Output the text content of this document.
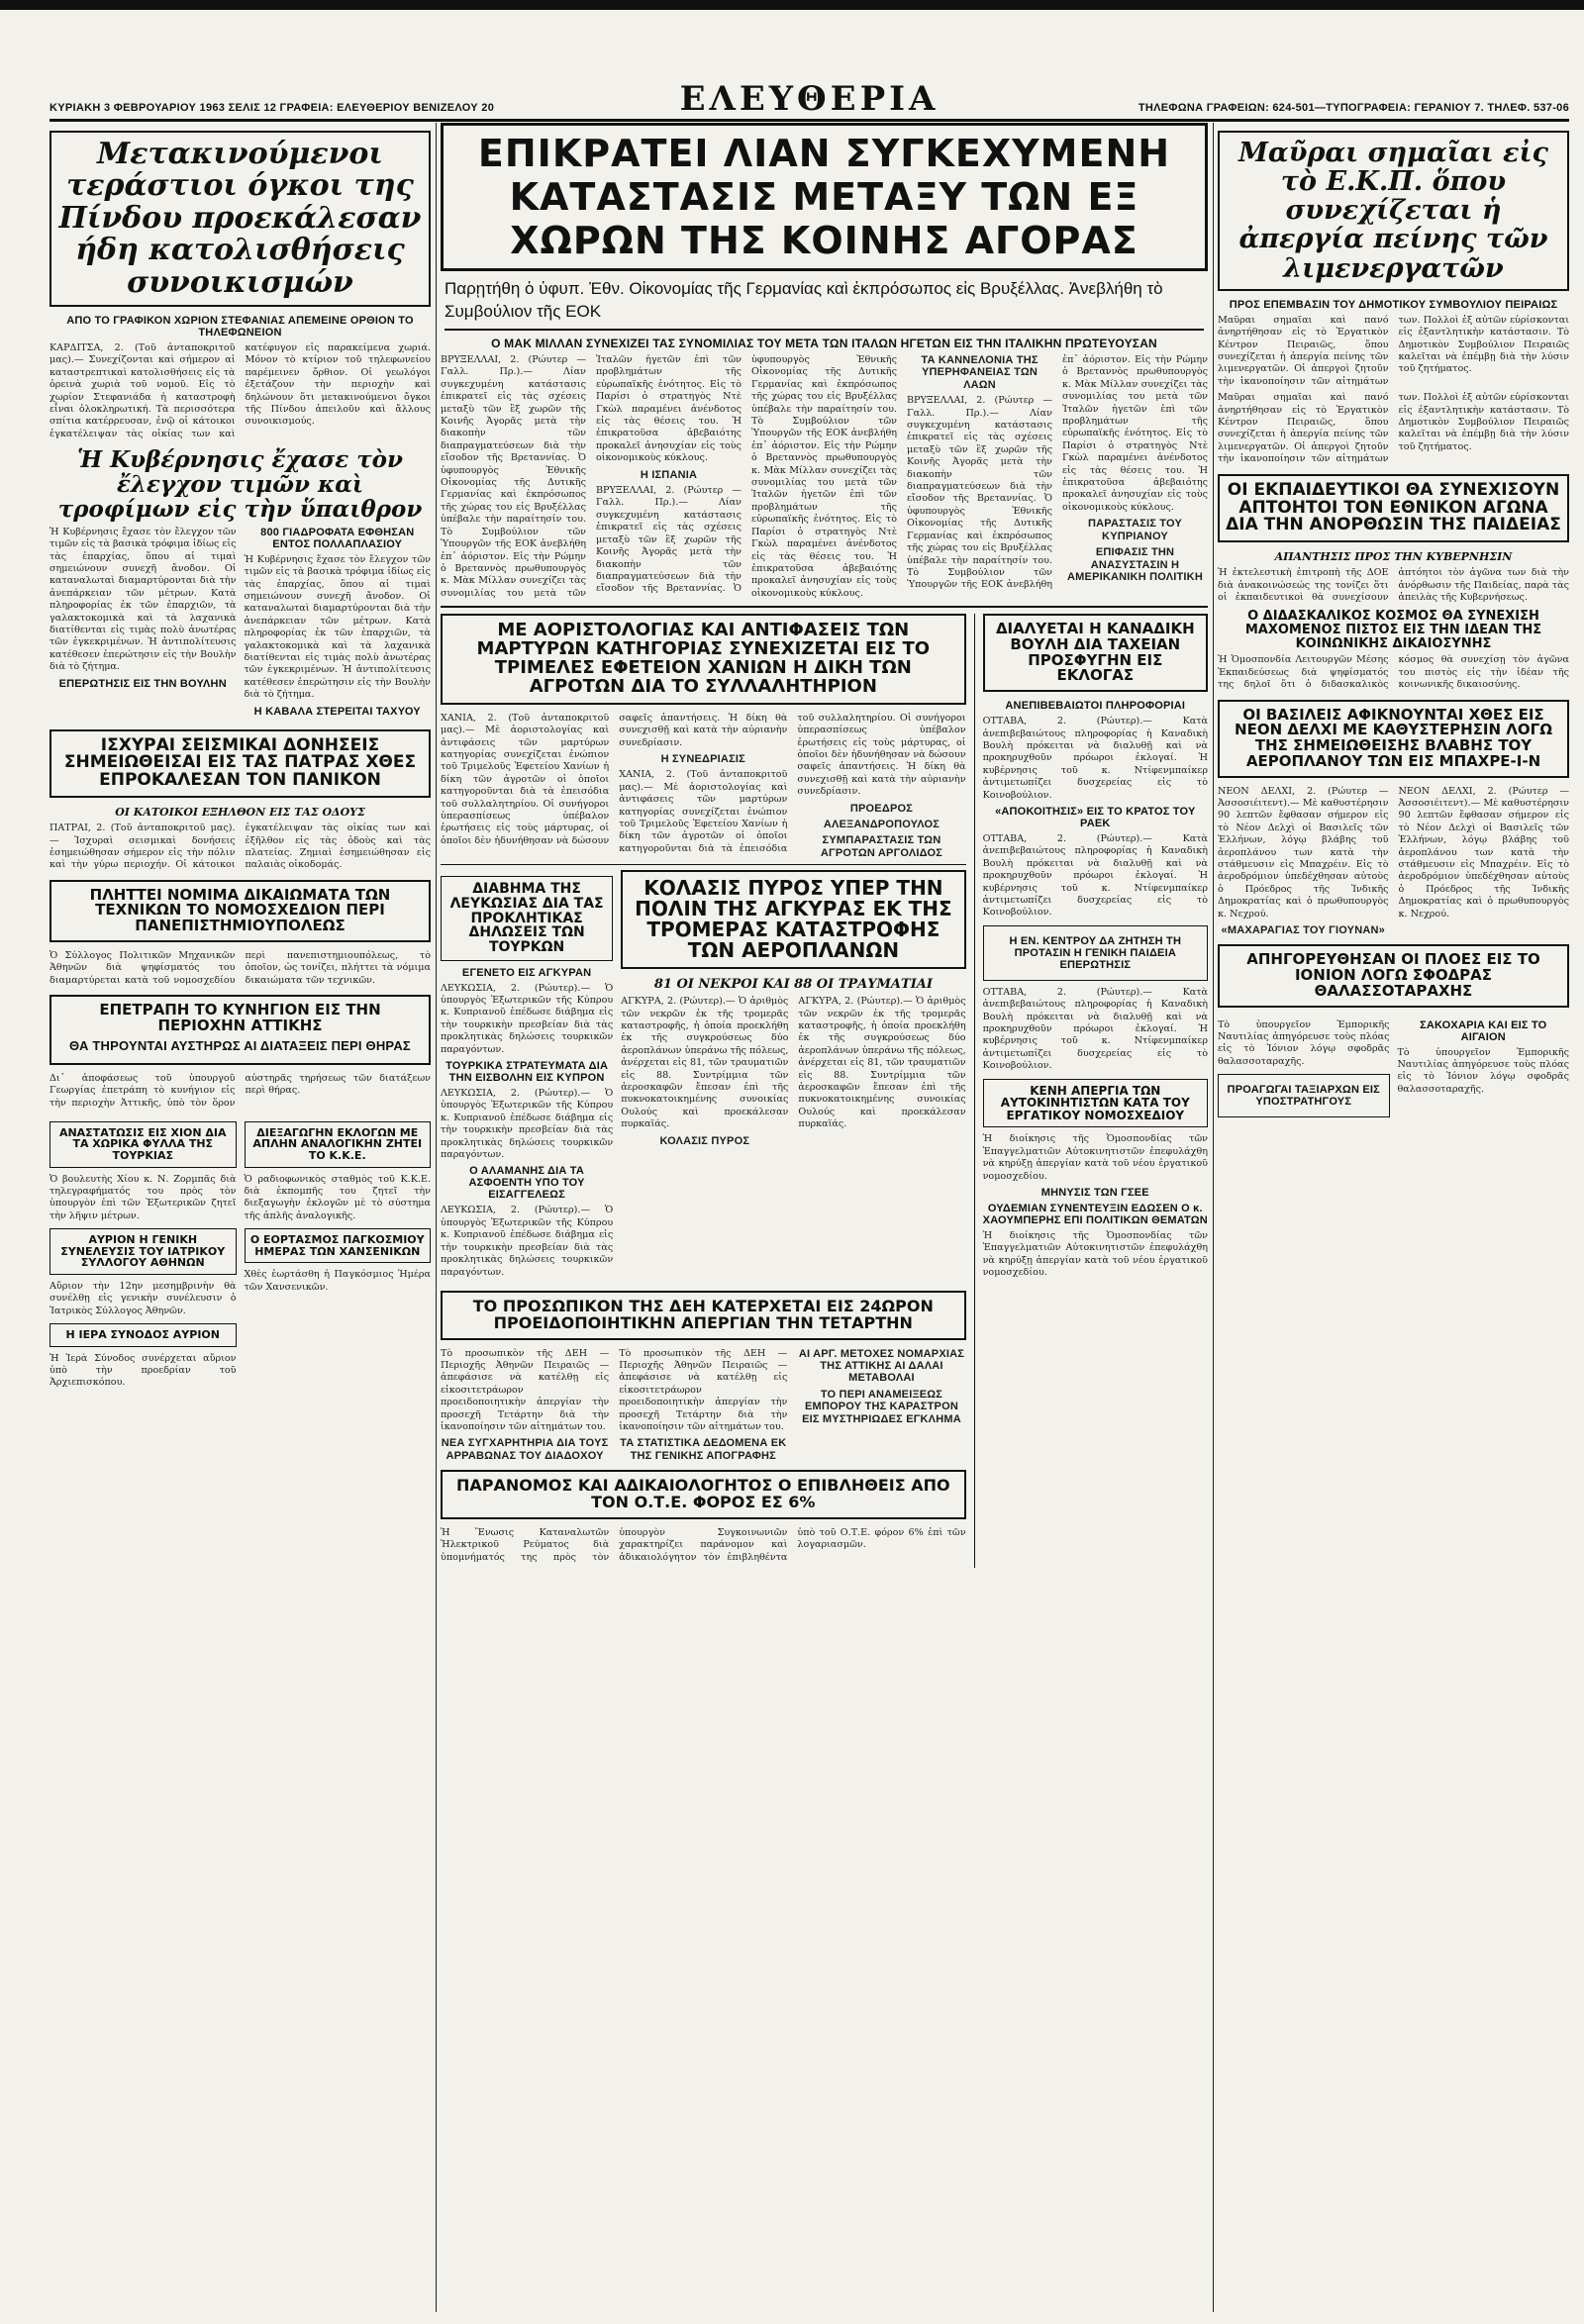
ΚΥΡΙΑΚΗ 3 ΦΕΒΡΟΥΑΡΙΟΥ 1963 ΣΕΛΙΣ 12 ΓΡΑΦΕΙΑ: ΕΛΕΥΘΕΡΙΟΥ ΒΕΝΙΖΕΛΟΥ 20	ΕΛΕΥΘΕΡΙΑ	ΤΗΛΕΦΩΝΑ ΓΡΑΦΕΙΩΝ: 624-501—ΤΥΠΟΓΡΑΦΕΙΑ: ΓΕΡΑΝΙΟΥ 7. ΤΗΛΕΦ. 537-06
Μετακινούμενοι τεράστιοι όγκοι της Πίνδου προεκάλεσαν ήδη κατολισθήσεις συνοικισμών
ΑΠΟ ΤΟ ΓΡΑΦΙΚΟΝ ΧΩΡΙΟΝ ΣΤΕΦΑΝΙΑΣ ΑΠΕΜΕΙΝΕ ΟΡΘΙΟΝ ΤΟ ΤΗΛΕΦΩΝΕΙΟΝ
ΚΑΡΔΙΤΣΑ, 2. (Τοῦ ἀνταποκριτοῦ μας).— Συνεχίζονται καὶ σήμερον αἱ καταστρεπτικαὶ κατολισθήσεις εἰς τὰ ὀρεινὰ χωριὰ τοῦ νομοῦ. Εἰς τὸ χωρίον Στεφανιάδα ἡ καταστροφὴ εἶναι ὁλοκληρωτική. Τὰ περισσότερα σπίτια κατέρρευσαν, ἐνῷ οἱ κάτοικοι ἐγκατέλειψαν τὰς οἰκίας των καὶ κατέφυγον εἰς παρακείμενα χωριά. Μόνον τὸ κτίριον τοῦ τηλεφωνείου παρέμεινεν ὄρθιον. Οἱ γεωλόγοι ἐξετάζουν τὴν περιοχὴν καὶ δηλώνουν ὅτι μετακινούμενοι ὄγκοι τῆς Πίνδου ἀπειλοῦν καὶ ἄλλους συνοικισμούς.
Ἡ Κυβέρνησις ἔχασε τὸν ἔλεγχον τιμῶν καὶ τροφίμων εἰς τὴν ὕπαιθρον
Ἡ Κυβέρνησις ἔχασε τὸν ἔλεγχον τῶν τιμῶν εἰς τὰ βασικὰ τρόφιμα ἰδίως εἰς τὰς ἐπαρχίας, ὅπου αἱ τιμαὶ σημειώνουν συνεχῆ ἄνοδον. Οἱ καταναλωταὶ διαμαρτύρονται διὰ τὴν ἀνεπάρκειαν τῶν μέτρων. Κατὰ πληροφορίας ἐκ τῶν ἐπαρχιῶν, τὰ γαλακτοκομικὰ καὶ τὰ λαχανικὰ διατίθενται εἰς τιμὰς πολὺ ἀνωτέρας τῶν ἐγκεκριμένων. Ἡ ἀντιπολίτευσις κατέθεσεν ἐπερώτησιν εἰς τὴν Βουλὴν διὰ τὸ ζήτημα.
ΕΠΕΡΩΤΗΣΙΣ ΕΙΣ ΤΗΝ ΒΟΥΛΗΝ
800 ΓΙΑΔΡΟΦΑΤΑ ΕΦΘΗΣΑΝ ΕΝΤΟΣ ΠΟΛΛΑΠΛΑΣΙΟΥ
Ἡ Κυβέρνησις ἔχασε τὸν ἔλεγχον τῶν τιμῶν εἰς τὰ βασικὰ τρόφιμα ἰδίως εἰς τὰς ἐπαρχίας, ὅπου αἱ τιμαὶ σημειώνουν συνεχῆ ἄνοδον. Οἱ καταναλωταὶ διαμαρτύρονται διὰ τὴν ἀνεπάρκειαν τῶν μέτρων. Κατὰ πληροφορίας ἐκ τῶν ἐπαρχιῶν, τὰ γαλακτοκομικὰ καὶ τὰ λαχανικὰ διατίθενται εἰς τιμὰς πολὺ ἀνωτέρας τῶν ἐγκεκριμένων. Ἡ ἀντιπολίτευσις κατέθεσεν ἐπερώτησιν εἰς τὴν Βουλὴν διὰ τὸ ζήτημα.
Η ΚΑΒΑΛΑ ΣΤΕΡΕΙΤΑΙ ΤΑΧΥΟΥ
ΙΣΧΥΡΑΙ ΣΕΙΣΜΙΚΑΙ ΔΟΝΗΣΕΙΣ ΣΗΜΕΙΩΘΕΙΣΑΙ ΕΙΣ ΤΑΣ ΠΑΤΡΑΣ ΧΘΕΣ ΕΠΡΟΚΑΛΕΣΑΝ ΤΟΝ ΠΑΝΙΚΟΝ
ΟΙ ΚΑΤΟΙΚΟΙ ΕΞΗΛΘΟΝ ΕΙΣ ΤΑΣ ΟΔΟΥΣ
ΠΑΤΡΑΙ, 2. (Τοῦ ἀνταποκριτοῦ μας).— Ἰσχυραὶ σεισμικαὶ δονήσεις ἐσημειώθησαν σήμερον εἰς τὴν πόλιν καὶ τὴν γύρω περιοχήν. Οἱ κάτοικοι ἐγκατέλειψαν τὰς οἰκίας των καὶ ἐξῆλθον εἰς τὰς ὁδοὺς καὶ τὰς πλατείας. Ζημιαὶ ἐσημειώθησαν εἰς παλαιὰς οἰκοδομάς.
ΠΛΗΤΤΕΙ ΝΟΜΙΜΑ ΔΙΚΑΙΩΜΑΤΑ ΤΩΝ ΤΕΧΝΙΚΩΝ ΤΟ ΝΟΜΟΣΧΕΔΙΟΝ ΠΕΡΙ ΠΑΝΕΠΙΣΤΗΜΙΟΥΠΟΛΕΩΣ
Ὁ Σύλλογος Πολιτικῶν Μηχανικῶν Ἀθηνῶν διὰ ψηφίσματός του διαμαρτύρεται κατὰ τοῦ νομοσχεδίου περὶ πανεπιστημιουπόλεως, τὸ ὁποῖον, ὡς τονίζει, πλήττει τὰ νόμιμα δικαιώματα τῶν τεχνικῶν.
ΕΠΕΤΡΑΠΗ ΤΟ ΚΥΝΗΓΙΟΝ ΕΙΣ ΤΗΝ ΠΕΡΙΟΧΗΝ ΑΤΤΙΚΗΣ
ΘΑ ΤΗΡΟΥΝΤΑΙ ΑΥΣΤΗΡΩΣ ΑΙ ΔΙΑΤΑΞΕΙΣ ΠΕΡΙ ΘΗΡΑΣ
Δι᾿ ἀποφάσεως τοῦ ὑπουργοῦ Γεωργίας ἐπετράπη τὸ κυνήγιον εἰς τὴν περιοχὴν Ἀττικῆς, ὑπὸ τὸν ὅρον αὐστηρᾶς τηρήσεως τῶν διατάξεων περὶ θήρας.
ΑΝΑΣΤΑΤΩΣΙΣ ΕΙΣ ΧΙΟΝ ΔΙΑ ΤΑ ΧΩΡΙΚΑ ΦΥΛΛΑ ΤΗΣ ΤΟΥΡΚΙΑΣ
Ὁ βουλευτὴς Χίου κ. Ν. Ζορμπᾶς διὰ τηλεγραφήματός του πρὸς τὸν ὑπουργὸν ἐπὶ τῶν Ἐξωτερικῶν ζητεῖ τὴν λῆψιν μέτρων.
ΑΥΡΙΟΝ Η ΓΕΝΙΚΗ ΣΥΝΕΛΕΥΣΙΣ ΤΟΥ ΙΑΤΡΙΚΟΥ ΣΥΛΛΟΓΟΥ ΑΘΗΝΩΝ
Αὔριον τὴν 12ην μεσημβρινὴν θὰ συνέλθῃ εἰς γενικὴν συνέλευσιν ὁ Ἰατρικὸς Σύλλογος Ἀθηνῶν.
Η ΙΕΡΑ ΣΥΝΟΔΟΣ ΑΥΡΙΟΝ
Ἡ Ἱερὰ Σύνοδος συνέρχεται αὔριον ὑπὸ τὴν προεδρίαν τοῦ Ἀρχιεπισκόπου.
ΔΙΕΞΑΓΩΓΗΝ ΕΚΛΟΓΩΝ ΜΕ ΑΠΛΗΝ ΑΝΑΛΟΓΙΚΗΝ ΖΗΤΕΙ ΤΟ Κ.Κ.Ε.
Ὁ ραδιοφωνικὸς σταθμὸς τοῦ Κ.Κ.Ε. διὰ ἐκπομπῆς του ζητεῖ τὴν διεξαγωγὴν ἐκλογῶν μὲ τὸ σύστημα τῆς ἁπλῆς ἀναλογικῆς.
Ο ΕΟΡΤΑΣΜΟΣ ΠΑΓΚΟΣΜΙΟΥ ΗΜΕΡΑΣ ΤΩΝ ΧΑΝΣΕΝΙΚΩΝ
Χθὲς ἐωρτάσθη ἡ Παγκόσμιος Ἡμέρα τῶν Χανσενικῶν.
ΕΠΙΚΡΑΤΕΙ ΛΙΑΝ ΣΥΓΚΕΧΥΜΕΝΗ ΚΑΤΑΣΤΑΣΙΣ ΜΕΤΑΞΥ ΤΩΝ ΕΞ ΧΩΡΩΝ ΤΗΣ ΚΟΙΝΗΣ ΑΓΟΡΑΣ
Παρῃτήθη ὁ ὑφυπ. Ἐθν. Οἰκονομίας τῆς Γερμανίας καὶ ἐκπρόσωπος εἰς Βρυξέλλας. Ἀνεβλήθη τὸ Συμβούλιον τῆς ΕΟΚ
Ο ΜΑΚ ΜΙΛΛΑΝ ΣΥΝΕΧΙΖΕΙ ΤΑΣ ΣΥΝΟΜΙΛΙΑΣ ΤΟΥ ΜΕΤΑ ΤΩΝ ΙΤΑΛΩΝ ΗΓΕΤΩΝ ΕΙΣ ΤΗΝ ΙΤΑΛΙΚΗΝ ΠΡΩΤΕΥΟΥΣΑΝ
ΒΡΥΞΕΛΛΑΙ, 2. (Ρώυτερ — Γαλλ. Πρ.).— Λίαν συγκεχυμένη κατάστασις ἐπικρατεῖ εἰς τὰς σχέσεις μεταξὺ τῶν ἓξ χωρῶν τῆς Κοινῆς Ἀγορᾶς μετὰ τὴν διακοπὴν τῶν διαπραγματεύσεων διὰ τὴν εἴσοδον τῆς Βρεταννίας. Ὁ ὑφυπουργὸς Ἐθνικῆς Οἰκονομίας τῆς Δυτικῆς Γερμανίας καὶ ἐκπρόσωπος τῆς χώρας του εἰς Βρυξέλλας ὑπέβαλε τὴν παραίτησίν του. Τὸ Συμβούλιον τῶν Ὑπουργῶν τῆς ΕΟΚ ἀνεβλήθη ἐπ᾿ ἀόριστον. Εἰς τὴν Ρώμην ὁ Βρεταννὸς πρωθυπουργὸς κ. Μὰκ Μίλλαν συνεχίζει τὰς συνομιλίας του μετὰ τῶν Ἰταλῶν ἡγετῶν ἐπὶ τῶν προβλημάτων τῆς εὐρωπαϊκῆς ἑνότητος. Εἰς τὸ Παρίσι ὁ στρατηγὸς Ντὲ Γκὼλ παραμένει ἀνένδοτος εἰς τὰς θέσεις του. Ἡ ἐπικρατοῦσα ἀβεβαιότης προκαλεῖ ἀνησυχίαν εἰς τοὺς οἰκονομικοὺς κύκλους.
Η ΙΣΠΑΝΙΑ
ΒΡΥΞΕΛΛΑΙ, 2. (Ρώυτερ — Γαλλ. Πρ.).— Λίαν συγκεχυμένη κατάστασις ἐπικρατεῖ εἰς τὰς σχέσεις μεταξὺ τῶν ἓξ χωρῶν τῆς Κοινῆς Ἀγορᾶς μετὰ τὴν διακοπὴν τῶν διαπραγματεύσεων διὰ τὴν εἴσοδον τῆς Βρεταννίας. Ὁ ὑφυπουργὸς Ἐθνικῆς Οἰκονομίας τῆς Δυτικῆς Γερμανίας καὶ ἐκπρόσωπος τῆς χώρας του εἰς Βρυξέλλας ὑπέβαλε τὴν παραίτησίν του. Τὸ Συμβούλιον τῶν Ὑπουργῶν τῆς ΕΟΚ ἀνεβλήθη ἐπ᾿ ἀόριστον. Εἰς τὴν Ρώμην ὁ Βρεταννὸς πρωθυπουργὸς κ. Μὰκ Μίλλαν συνεχίζει τὰς συνομιλίας του μετὰ τῶν Ἰταλῶν ἡγετῶν ἐπὶ τῶν προβλημάτων τῆς εὐρωπαϊκῆς ἑνότητος. Εἰς τὸ Παρίσι ὁ στρατηγὸς Ντὲ Γκὼλ παραμένει ἀνένδοτος εἰς τὰς θέσεις του. Ἡ ἐπικρατοῦσα ἀβεβαιότης προκαλεῖ ἀνησυχίαν εἰς τοὺς οἰκονομικοὺς κύκλους.
ΤΑ ΚΑΝΝΕΛΟΝΙΑ ΤΗΣ ΥΠΕΡΗΦΑΝΕΙΑΣ ΤΩΝ ΛΑΩΝ
ΒΡΥΞΕΛΛΑΙ, 2. (Ρώυτερ — Γαλλ. Πρ.).— Λίαν συγκεχυμένη κατάστασις ἐπικρατεῖ εἰς τὰς σχέσεις μεταξὺ τῶν ἓξ χωρῶν τῆς Κοινῆς Ἀγορᾶς μετὰ τὴν διακοπὴν τῶν διαπραγματεύσεων διὰ τὴν εἴσοδον τῆς Βρεταννίας. Ὁ ὑφυπουργὸς Ἐθνικῆς Οἰκονομίας τῆς Δυτικῆς Γερμανίας καὶ ἐκπρόσωπος τῆς χώρας του εἰς Βρυξέλλας ὑπέβαλε τὴν παραίτησίν του. Τὸ Συμβούλιον τῶν Ὑπουργῶν τῆς ΕΟΚ ἀνεβλήθη ἐπ᾿ ἀόριστον. Εἰς τὴν Ρώμην ὁ Βρεταννὸς πρωθυπουργὸς κ. Μὰκ Μίλλαν συνεχίζει τὰς συνομιλίας του μετὰ τῶν Ἰταλῶν ἡγετῶν ἐπὶ τῶν προβλημάτων τῆς εὐρωπαϊκῆς ἑνότητος. Εἰς τὸ Παρίσι ὁ στρατηγὸς Ντὲ Γκὼλ παραμένει ἀνένδοτος εἰς τὰς θέσεις του. Ἡ ἐπικρατοῦσα ἀβεβαιότης προκαλεῖ ἀνησυχίαν εἰς τοὺς οἰκονομικοὺς κύκλους.
ΠΑΡΑΣΤΑΣΙΣ ΤΟΥ ΚΥΠΡΙΑΝΟΥ
ΕΠΙΦΑΣΙΣ ΤΗΝ ΑΝΑΣΥΣΤΑΣΙΝ Η ΑΜΕΡΙΚΑΝΙΚΗ ΠΟΛΙΤΙΚΗ
ΜΕ ΑΟΡΙΣΤΟΛΟΓΙΑΣ ΚΑΙ ΑΝΤΙΦΑΣΕΙΣ ΤΩΝ ΜΑΡΤΥΡΩΝ ΚΑΤΗΓΟΡΙΑΣ ΣΥΝΕΧΙΖΕΤΑΙ ΕΙΣ ΤΟ ΤΡΙΜΕΛΕΣ ΕΦΕΤΕΙΟΝ ΧΑΝΙΩΝ Η ΔΙΚΗ ΤΩΝ ΑΓΡΟΤΩΝ ΔΙΑ ΤΟ ΣΥΛΛΑΛΗΤΗΡΙΟΝ
ΧΑΝΙΑ, 2. (Τοῦ ἀνταποκριτοῦ μας).— Μὲ ἀοριστολογίας καὶ ἀντιφάσεις τῶν μαρτύρων κατηγορίας συνεχίζεται ἐνώπιον τοῦ Τριμελοῦς Ἐφετείου Χανίων ἡ δίκη τῶν ἀγροτῶν οἱ ὁποῖοι κατηγοροῦνται διὰ τὰ ἐπεισόδια τοῦ συλλαλητηρίου. Οἱ συνήγοροι ὑπερασπίσεως ὑπέβαλον ἐρωτήσεις εἰς τοὺς μάρτυρας, οἱ ὁποῖοι δὲν ἠδυνήθησαν νὰ δώσουν σαφεῖς ἀπαντήσεις. Ἡ δίκη θὰ συνεχισθῇ καὶ κατὰ τὴν αὐριανὴν συνεδρίασιν.
Η ΣΥΝΕΔΡΙΑΣΙΣ
ΧΑΝΙΑ, 2. (Τοῦ ἀνταποκριτοῦ μας).— Μὲ ἀοριστολογίας καὶ ἀντιφάσεις τῶν μαρτύρων κατηγορίας συνεχίζεται ἐνώπιον τοῦ Τριμελοῦς Ἐφετείου Χανίων ἡ δίκη τῶν ἀγροτῶν οἱ ὁποῖοι κατηγοροῦνται διὰ τὰ ἐπεισόδια τοῦ συλλαλητηρίου. Οἱ συνήγοροι ὑπερασπίσεως ὑπέβαλον ἐρωτήσεις εἰς τοὺς μάρτυρας, οἱ ὁποῖοι δὲν ἠδυνήθησαν νὰ δώσουν σαφεῖς ἀπαντήσεις. Ἡ δίκη θὰ συνεχισθῇ καὶ κατὰ τὴν αὐριανὴν συνεδρίασιν.
ΠΡΟΕΔΡΟΣ
ΑΛΕΞΑΝΔΡΟΠΟΥΛΟΣ
ΣΥΜΠΑΡΑΣΤΑΣΙΣ ΤΩΝ ΑΓΡΟΤΩΝ ΑΡΓΟΛΙΔΟΣ
ΔΙΑΒΗΜΑ ΤΗΣ ΛΕΥΚΩΣΙΑΣ ΔΙΑ ΤΑΣ ΠΡΟΚΛΗΤΙΚΑΣ ΔΗΛΩΣΕΙΣ ΤΩΝ ΤΟΥΡΚΩΝ
ΕΓΕΝΕΤΟ ΕΙΣ ΑΓΚΥΡΑΝ
ΛΕΥΚΩΣΙΑ, 2. (Ρώυτερ).— Ὁ ὑπουργὸς Ἐξωτερικῶν τῆς Κύπρου κ. Κυπριανοῦ ἐπέδωσε διάβημα εἰς τὴν τουρκικὴν πρεσβείαν διὰ τὰς προκλητικὰς δηλώσεις τουρκικῶν παραγόντων.
ΤΟΥΡΚΙΚΑ ΣΤΡΑΤΕΥΜΑΤΑ ΔΙΑ ΤΗΝ ΕΙΣΒΟΛΗΝ ΕΙΣ ΚΥΠΡΟΝ
ΛΕΥΚΩΣΙΑ, 2. (Ρώυτερ).— Ὁ ὑπουργὸς Ἐξωτερικῶν τῆς Κύπρου κ. Κυπριανοῦ ἐπέδωσε διάβημα εἰς τὴν τουρκικὴν πρεσβείαν διὰ τὰς προκλητικὰς δηλώσεις τουρκικῶν παραγόντων.
Ο ΑΛΑΜΑΝΗΣ ΔΙΑ ΤΑ ΑΣΦΟΕΝΤΗ ΥΠΟ ΤΟΥ ΕΙΣΑΓΓΕΛΕΩΣ
ΛΕΥΚΩΣΙΑ, 2. (Ρώυτερ).— Ὁ ὑπουργὸς Ἐξωτερικῶν τῆς Κύπρου κ. Κυπριανοῦ ἐπέδωσε διάβημα εἰς τὴν τουρκικὴν πρεσβείαν διὰ τὰς προκλητικὰς δηλώσεις τουρκικῶν παραγόντων.
ΚΟΛΑΣΙΣ ΠΥΡΟΣ ΥΠΕΡ ΤΗΝ ΠΟΛΙΝ ΤΗΣ ΑΓΚΥΡΑΣ ΕΚ ΤΗΣ ΤΡΟΜΕΡΑΣ ΚΑΤΑΣΤΡΟΦΗΣ ΤΩΝ ΑΕΡΟΠΛΑΝΩΝ
81 ΟΙ ΝΕΚΡΟΙ ΚΑΙ 88 ΟΙ ΤΡΑΥΜΑΤΙΑΙ
ΑΓΚΥΡΑ, 2. (Ρώυτερ).— Ὁ ἀριθμὸς τῶν νεκρῶν ἐκ τῆς τρομερᾶς καταστροφῆς, ἡ ὁποία προεκλήθη ἐκ τῆς συγκρούσεως δύο ἀεροπλάνων ὑπεράνω τῆς πόλεως, ἀνέρχεται εἰς 81, τῶν τραυματιῶν εἰς 88. Συντρίμμια τῶν ἀεροσκαφῶν ἔπεσαν ἐπὶ τῆς πυκνοκατοικημένης συνοικίας Ουλούς καὶ προεκάλεσαν πυρκαϊάς.
ΚΟΛΑΣΙΣ ΠΥΡΟΣ
ΑΓΚΥΡΑ, 2. (Ρώυτερ).— Ὁ ἀριθμὸς τῶν νεκρῶν ἐκ τῆς τρομερᾶς καταστροφῆς, ἡ ὁποία προεκλήθη ἐκ τῆς συγκρούσεως δύο ἀεροπλάνων ὑπεράνω τῆς πόλεως, ἀνέρχεται εἰς 81, τῶν τραυματιῶν εἰς 88. Συντρίμμια τῶν ἀεροσκαφῶν ἔπεσαν ἐπὶ τῆς πυκνοκατοικημένης συνοικίας Ουλούς καὶ προεκάλεσαν πυρκαϊάς.
ΤΟ ΠΡΟΣΩΠΙΚΟΝ ΤΗΣ ΔΕΗ ΚΑΤΕΡΧΕΤΑΙ ΕΙΣ 24ΩΡΟΝ ΠΡΟΕΙΔΟΠΟΙΗΤΙΚΗΝ ΑΠΕΡΓΙΑΝ ΤΗΝ ΤΕΤΑΡΤΗΝ
Τὸ προσωπικὸν τῆς ΔΕΗ — Περιοχῆς Ἀθηνῶν Πειραιῶς — ἀπεφάσισε νὰ κατέλθῃ εἰς εἰκοσιτετράωρον προειδοποιητικὴν ἀπεργίαν τὴν προσεχῆ Τετάρτην διὰ τὴν ἱκανοποίησιν τῶν αἰτημάτων του.
ΝΕΑ ΣΥΓΧΑΡΗΤΗΡΙΑ ΔΙΑ ΤΟΥΣ ΑΡΡΑΒΩΝΑΣ ΤΟΥ ΔΙΑΔΟΧΟΥ
Τὸ προσωπικὸν τῆς ΔΕΗ — Περιοχῆς Ἀθηνῶν Πειραιῶς — ἀπεφάσισε νὰ κατέλθῃ εἰς εἰκοσιτετράωρον προειδοποιητικὴν ἀπεργίαν τὴν προσεχῆ Τετάρτην διὰ τὴν ἱκανοποίησιν τῶν αἰτημάτων του.
ΤΑ ΣΤΑΤΙΣΤΙΚΑ ΔΕΔΟΜΕΝΑ ΕΚ ΤΗΣ ΓΕΝΙΚΗΣ ΑΠΟΓΡΑΦΗΣ
ΑΙ ΑΡΓ. ΜΕΤΟΧΕΣ ΝΟΜΑΡΧΙΑΣ ΤΗΣ ΑΤΤΙΚΗΣ ΑΙ ΔΑΛΑΙ ΜΕΤΑΒΟΛΑΙ
ΤΟ ΠΕΡΙ ΑΝΑΜΕΙΞΕΩΣ ΕΜΠΟΡΟΥ ΤΗΣ ΚΑΡΑΣΤΡΟΝ ΕΙΣ ΜΥΣΤΗΡΙΩΔΕΣ ΕΓΚΛΗΜΑ
ΠΑΡΑΝΟΜΟΣ ΚΑΙ ΑΔΙΚΑΙΟΛΟΓΗΤΟΣ Ο ΕΠΙΒΛΗΘΕΙΣ ΑΠΟ ΤΟΝ Ο.Τ.Ε. ΦΟΡΟΣ ΕΣ 6%
Ἡ Ἕνωσις Καταναλωτῶν Ἠλεκτρικοῦ Ρεύματος διὰ ὑπομνήματός της πρὸς τὸν ὑπουργὸν Συγκοινωνιῶν χαρακτηρίζει παράνομον καὶ ἀδικαιολόγητον τὸν ἐπιβληθέντα ὑπὸ τοῦ Ο.Τ.Ε. φόρον 6% ἐπὶ τῶν λογαριασμῶν.
ΔΙΑΛΥΕΤΑΙ Η ΚΑΝΑΔΙΚΗ ΒΟΥΛΗ ΔΙΑ ΤΑΧΕΙΑΝ ΠΡΟΣΦΥΓΗΝ ΕΙΣ ΕΚΛΟΓΑΣ
ΑΝΕΠΙΒΕΒΑΙΩΤΟΙ ΠΛΗΡΟΦΟΡΙΑΙ
ΟΤΤΑΒΑ, 2. (Ρώυτερ).— Κατὰ ἀνεπιβεβαιώτους πληροφορίας ἡ Καναδικὴ Βουλὴ πρόκειται νὰ διαλυθῇ καὶ νὰ προκηρυχθοῦν πρόωροι ἐκλογαί. Ἡ κυβέρνησις τοῦ κ. Ντίφενμπαίκερ ἀντιμετωπίζει δυσχερείας εἰς τὸ Κοινοβούλιον.
«ΑΠΟΚΟΙΤΗΣΙΣ» ΕΙΣ ΤΟ ΚΡΑΤΟΣ ΤΟΥ ΡΑΕΚ
ΟΤΤΑΒΑ, 2. (Ρώυτερ).— Κατὰ ἀνεπιβεβαιώτους πληροφορίας ἡ Καναδικὴ Βουλὴ πρόκειται νὰ διαλυθῇ καὶ νὰ προκηρυχθοῦν πρόωροι ἐκλογαί. Ἡ κυβέρνησις τοῦ κ. Ντίφενμπαίκερ ἀντιμετωπίζει δυσχερείας εἰς τὸ Κοινοβούλιον.
Η ΕΝ. ΚΕΝΤΡΟΥ ΔΑ ΖΗΤΗΣΗ ΤΗ ΠΡΟΤΑΣΙΝ Η ΓΕΝΙΚΗ ΠΑΙΔΕΙΑ ΕΠΕΡΩΤΗΣΙΣ
ΟΤΤΑΒΑ, 2. (Ρώυτερ).— Κατὰ ἀνεπιβεβαιώτους πληροφορίας ἡ Καναδικὴ Βουλὴ πρόκειται νὰ διαλυθῇ καὶ νὰ προκηρυχθοῦν πρόωροι ἐκλογαί. Ἡ κυβέρνησις τοῦ κ. Ντίφενμπαίκερ ἀντιμετωπίζει δυσχερείας εἰς τὸ Κοινοβούλιον.
ΚΕΝΗ ΑΠΕΡΓΙΑ ΤΩΝ ΑΥΤΟΚΙΝΗΤΙΣΤΩΝ ΚΑΤΑ ΤΟΥ ΕΡΓΑΤΙΚΟΥ ΝΟΜΟΣΧΕΔΙΟΥ
Ἡ διοίκησις τῆς Ὁμοσπονδίας τῶν Ἐπαγγελματιῶν Αὐτοκινητιστῶν ἐπεφυλάχθη νὰ κηρύξῃ ἀπεργίαν κατὰ τοῦ νέου ἐργατικοῦ νομοσχεδίου.
ΜΗΝΥΣΙΣ ΤΩΝ ΓΣΕΕ
ΟΥΔΕΜΙΑΝ ΣΥΝΕΝΤΕΥΞΙΝ ΕΔΩΣΕΝ Ο κ. ΧΑΟΥΜΠΕΡΗΣ ΕΠΙ ΠΟΛΙΤΙΚΩΝ ΘΕΜΑΤΩΝ
Ἡ διοίκησις τῆς Ὁμοσπονδίας τῶν Ἐπαγγελματιῶν Αὐτοκινητιστῶν ἐπεφυλάχθη νὰ κηρύξῃ ἀπεργίαν κατὰ τοῦ νέου ἐργατικοῦ νομοσχεδίου.
Μαῦραι σημαῖαι εἰς τὸ Ε.Κ.Π. ὅπου συνεχίζεται ἡ ἀπεργία πείνης τῶν λιμενεργατῶν
ΠΡΟΣ ΕΠΕΜΒΑΣΙΝ ΤΟΥ ΔΗΜΟΤΙΚΟΥ ΣΥΜΒΟΥΛΙΟΥ ΠΕΙΡΑΙΩΣ
Μαῦραι σημαῖαι καὶ πανό ἀνηρτήθησαν εἰς τὸ Ἐργατικὸν Κέντρον Πειραιῶς, ὅπου συνεχίζεται ἡ ἀπεργία πείνης τῶν λιμενεργατῶν. Οἱ ἀπεργοὶ ζητοῦν τὴν ἱκανοποίησιν τῶν αἰτημάτων των. Πολλοὶ ἐξ αὐτῶν εὑρίσκονται εἰς ἐξαντλητικὴν κατάστασιν. Τὸ Δημοτικὸν Συμβούλιον Πειραιῶς καλεῖται νὰ ἐπέμβῃ διὰ τὴν λύσιν τοῦ ζητήματος.
Μαῦραι σημαῖαι καὶ πανό ἀνηρτήθησαν εἰς τὸ Ἐργατικὸν Κέντρον Πειραιῶς, ὅπου συνεχίζεται ἡ ἀπεργία πείνης τῶν λιμενεργατῶν. Οἱ ἀπεργοὶ ζητοῦν τὴν ἱκανοποίησιν τῶν αἰτημάτων των. Πολλοὶ ἐξ αὐτῶν εὑρίσκονται εἰς ἐξαντλητικὴν κατάστασιν. Τὸ Δημοτικὸν Συμβούλιον Πειραιῶς καλεῖται νὰ ἐπέμβῃ διὰ τὴν λύσιν τοῦ ζητήματος.
ΟΙ ΕΚΠΑΙΔΕΥΤΙΚΟΙ ΘΑ ΣΥΝΕΧΙΣΟΥΝ ΑΠΤΟΗΤΟΙ ΤΟΝ ΕΘΝΙΚΟΝ ΑΓΩΝΑ ΔΙΑ ΤΗΝ ΑΝΟΡΘΩΣΙΝ ΤΗΣ ΠΑΙΔΕΙΑΣ
ΑΠΑΝΤΗΣΙΣ ΠΡΟΣ ΤΗΝ ΚΥΒΕΡΝΗΣΙΝ
Ἡ ἐκτελεστικὴ ἐπιτροπὴ τῆς ΔΟΕ διὰ ἀνακοινώσεώς της τονίζει ὅτι οἱ ἐκπαιδευτικοὶ θὰ συνεχίσουν ἀπτόητοι τὸν ἀγῶνα των διὰ τὴν ἀνόρθωσιν τῆς Παιδείας, παρὰ τὰς ἀπειλὰς τῆς Κυβερνήσεως.
Ο ΔΙΔΑΣΚΑΛΙΚΟΣ ΚΟΣΜΟΣ ΘΑ ΣΥΝΕΧΙΣΗ ΜΑΧΟΜΕΝΟΣ ΠΙΣΤΟΣ ΕΙΣ ΤΗΝ ΙΔΕΑΝ ΤΗΣ ΚΟΙΝΩΝΙΚΗΣ ΔΙΚΑΙΟΣΥΝΗΣ
Ἡ Ὁμοσπονδία Λειτουργῶν Μέσης Ἐκπαιδεύσεως διὰ ψηφίσματός της δηλοῖ ὅτι ὁ διδασκαλικὸς κόσμος θὰ συνεχίσῃ τὸν ἀγῶνα του πιστὸς εἰς τὴν ἰδέαν τῆς κοινωνικῆς δικαιοσύνης.
ΟΙ ΒΑΣΙΛΕΙΣ ΑΦΙΚΝΟΥΝΤΑΙ ΧΘΕΣ ΕΙΣ ΝΕΟΝ ΔΕΛΧΙ ΜΕ ΚΑΘΥΣΤΕΡΗΣΙΝ ΛΟΓΩ ΤΗΣ ΣΗΜΕΙΩΘΕΙΣΗΣ ΒΛΑΒΗΣ ΤΟΥ ΑΕΡΟΠΛΑΝΟΥ ΤΩΝ ΕΙΣ ΜΠΑΧΡΕ-Ι-Ν
ΝΕΟΝ ΔΕΛΧΙ, 2. (Ρώυτερ — Ἀσσοσιέιτεντ).— Μὲ καθυστέρησιν 90 λεπτῶν ἔφθασαν σήμερον εἰς τὸ Νέον Δελχὶ οἱ Βασιλεῖς τῶν Ἑλλήνων, λόγῳ βλάβης τοῦ ἀεροπλάνου των κατὰ τὴν στάθμευσιν εἰς Μπαχρέιν. Εἰς τὸ ἀεροδρόμιον ὑπεδέχθησαν αὐτοὺς ὁ Πρόεδρος τῆς Ἰνδικῆς Δημοκρατίας καὶ ὁ πρωθυπουργὸς κ. Νεχρού.
«ΜΑΧΑΡΑΓΙΑΣ ΤΟΥ ΓΙΟΥΝΑΝ»
ΝΕΟΝ ΔΕΛΧΙ, 2. (Ρώυτερ — Ἀσσοσιέιτεντ).— Μὲ καθυστέρησιν 90 λεπτῶν ἔφθασαν σήμερον εἰς τὸ Νέον Δελχὶ οἱ Βασιλεῖς τῶν Ἑλλήνων, λόγῳ βλάβης τοῦ ἀεροπλάνου των κατὰ τὴν στάθμευσιν εἰς Μπαχρέιν. Εἰς τὸ ἀεροδρόμιον ὑπεδέχθησαν αὐτοὺς ὁ Πρόεδρος τῆς Ἰνδικῆς Δημοκρατίας καὶ ὁ πρωθυπουργὸς κ. Νεχρού.
ΑΠΗΓΟΡΕΥΘΗΣΑΝ ΟΙ ΠΛΟΕΣ ΕΙΣ ΤΟ ΙΟΝΙΟΝ ΛΟΓΩ ΣΦΟΔΡΑΣ ΘΑΛΑΣΣΟΤΑΡΑΧΗΣ
Τὸ ὑπουργεῖον Ἐμπορικῆς Ναυτιλίας ἀπηγόρευσε τοὺς πλόας εἰς τὸ Ἰόνιον λόγῳ σφοδρᾶς θαλασσοταραχῆς.
ΠΡΟΑΓΩΓΑΙ ΤΑΞΙΑΡΧΩΝ ΕΙΣ ΥΠΟΣΤΡΑΤΗΓΟΥΣ
ΣΑΚΟΧΑΡΙΑ ΚΑΙ ΕΙΣ ΤΟ ΑΙΓΑΙΟΝ
Τὸ ὑπουργεῖον Ἐμπορικῆς Ναυτιλίας ἀπηγόρευσε τοὺς πλόας εἰς τὸ Ἰόνιον λόγῳ σφοδρᾶς θαλασσοταραχῆς.
